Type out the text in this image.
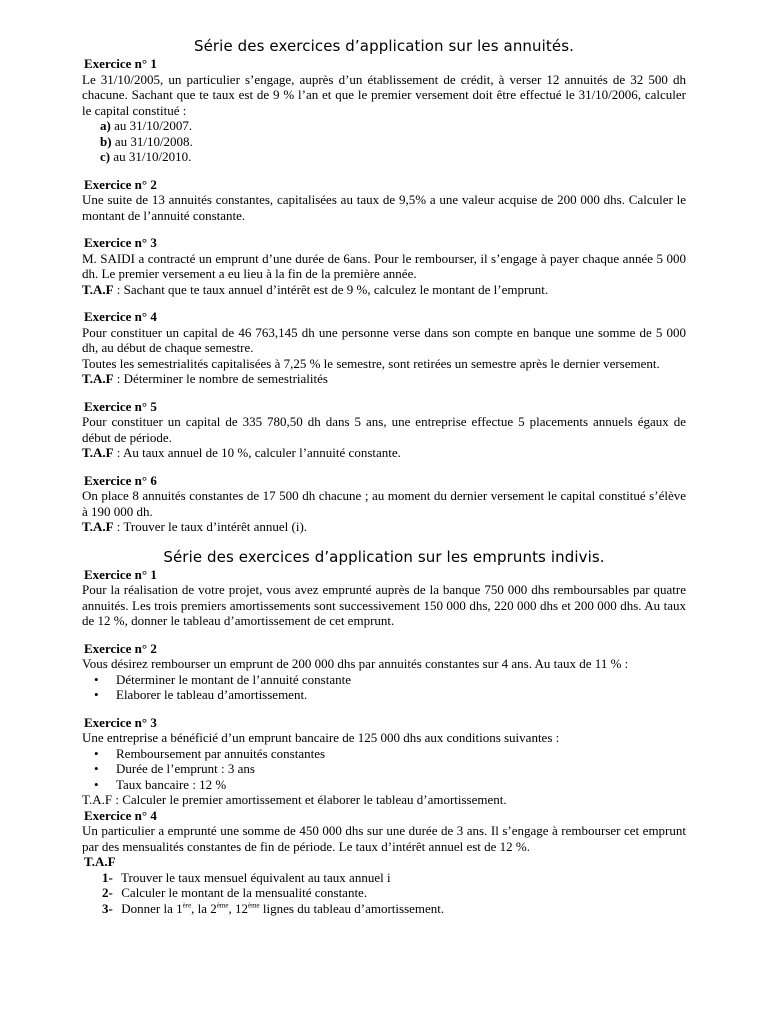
Série des exercices d’application sur les annuités.
Exercice n° 1

Le 31/10/2005, un particulier s’engage, auprès d’un établissement de crédit, à verser 12 annuités de 32 500 dh chacune. Sachant que te taux est de 9 % l’an et que le premier versement doit être effectué le 31/10/2006, calculer le capital constitué :

a) au 31/10/2007.
b) au 31/10/2008.
c) au 31/10/2010.
Exercice n° 2

Une suite de 13 annuités constantes, capitalisées au taux de 9,5% a une valeur acquise de 200 000 dhs. Calculer le montant de l’annuité constante.

Exercice n° 3

M. SAIDI a contracté un emprunt d’une durée de 6ans. Pour le rembourser, il s’engage à payer chaque année 5 000 dh. Le premier versement a eu lieu à la fin de la première année.

T.A.F : Sachant que te taux annuel d’intérêt est de 9 %, calculez le montant de l’emprunt.

Exercice n° 4

Pour constituer un capital de 46 763,145 dh une personne verse dans son compte en banque une somme de 5 000 dh, au début de chaque semestre.

Toutes les semestrialités capitalisées à 7,25 % le semestre, sont retirées un semestre après le dernier versement.

T.A.F : Déterminer le nombre de semestrialités

Exercice n° 5

Pour constituer un capital de 335 780,50 dh dans 5 ans, une entreprise effectue 5 placements annuels égaux de début de période.

T.A.F : Au taux annuel de 10 %, calculer l’annuité constante.

Exercice n° 6

On place 8 annuités constantes de 17 500 dh chacune ; au moment du dernier versement le capital constitué s’élève à 190 000 dh.

T.A.F : Trouver le taux d’intérêt annuel (i).

Série des exercices d’application sur les emprunts indivis.
Exercice n° 1

Pour la réalisation de votre projet, vous avez emprunté auprès de la banque 750 000 dhs remboursables par quatre annuités. Les trois premiers amortissements sont successivement 150 000 dhs, 220 000 dhs et 200 000 dhs. Au taux de 12 %, donner le tableau d’amortissement de cet emprunt.

Exercice n° 2

Vous désirez rembourser un emprunt de 200 000 dhs par annuités constantes sur 4 ans. Au taux de 11 % :

• Déterminer le montant de l’annuité constante
• Elaborer le tableau d’amortissement.
Exercice n° 3

Une entreprise a bénéficié d’un emprunt bancaire de 125 000 dhs aux conditions suivantes :

• Remboursement par annuités constantes
• Durée de l’emprunt : 3 ans
• Taux bancaire : 12 %

T.A.F : Calculer le premier amortissement et élaborer le tableau d’amortissement.

Exercice n° 4

Un particulier a emprunté une somme de 450 000 dhs sur une durée de 3 ans. Il s’engage à rembourser cet emprunt par des mensualités constantes de fin de période. Le taux d’intérêt annuel est de 12 %.

T.A.F
1- Trouver le taux mensuel équivalent au taux annuel i
2- Calculer le montant de la mensualité constante.
3- Donner la 1ère, la 2ème, 12ème lignes du tableau d’amortissement.
